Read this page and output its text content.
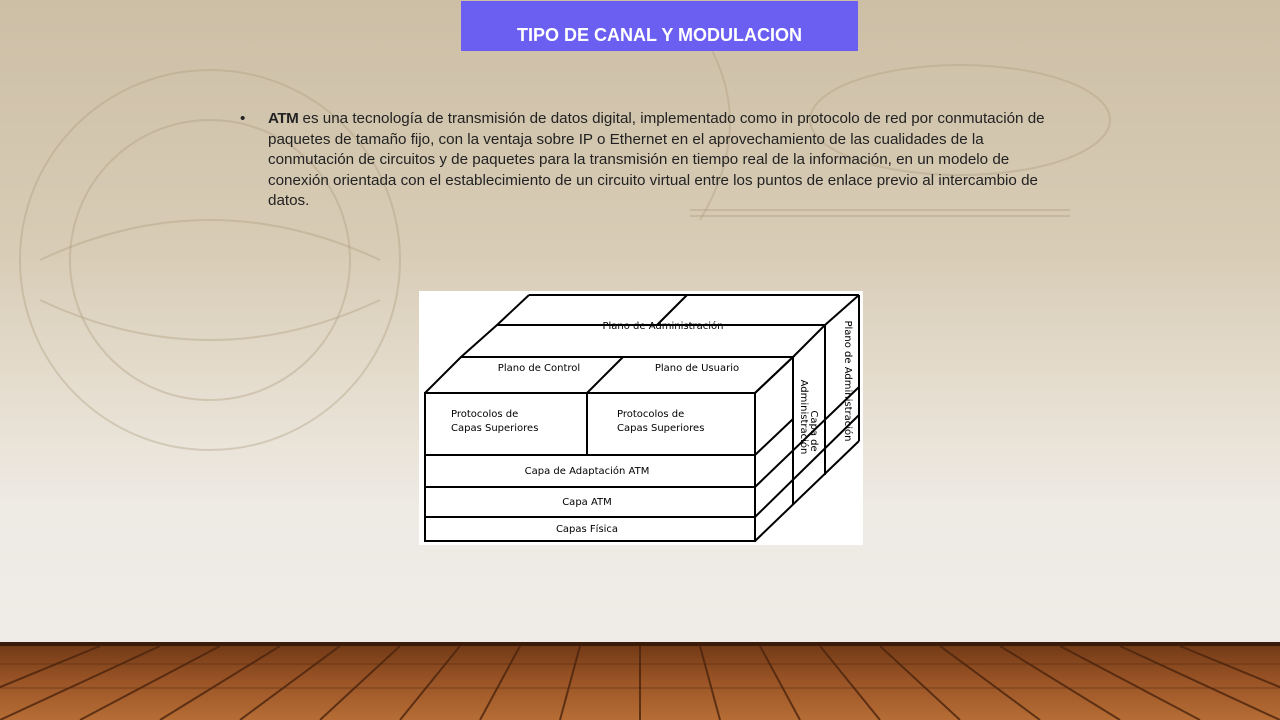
TIPO DE CANAL Y MODULACION
• ATM es una tecnología de transmisión de datos digital, implementado como in protocolo de red por conmutación de paquetes de tamaño fijo, con la ventaja sobre IP o Ethernet en el aprovechamiento de las cualidades de la conmutación de circuitos y de paquetes para la transmisión en tiempo real de la información, en un modelo de conexión orientada con el establecimiento de un circuito virtual entre los puntos de enlace previo al intercambio de datos.
Plano de Administración
Plano de Control	Plano de Usuario
Protocolos de
Capas Superiores
Protocolos de
Capas Superiores
Capa de Adaptación ATM
Capa ATM
Capas Física
Capa de
Administración	Plano de Administración
